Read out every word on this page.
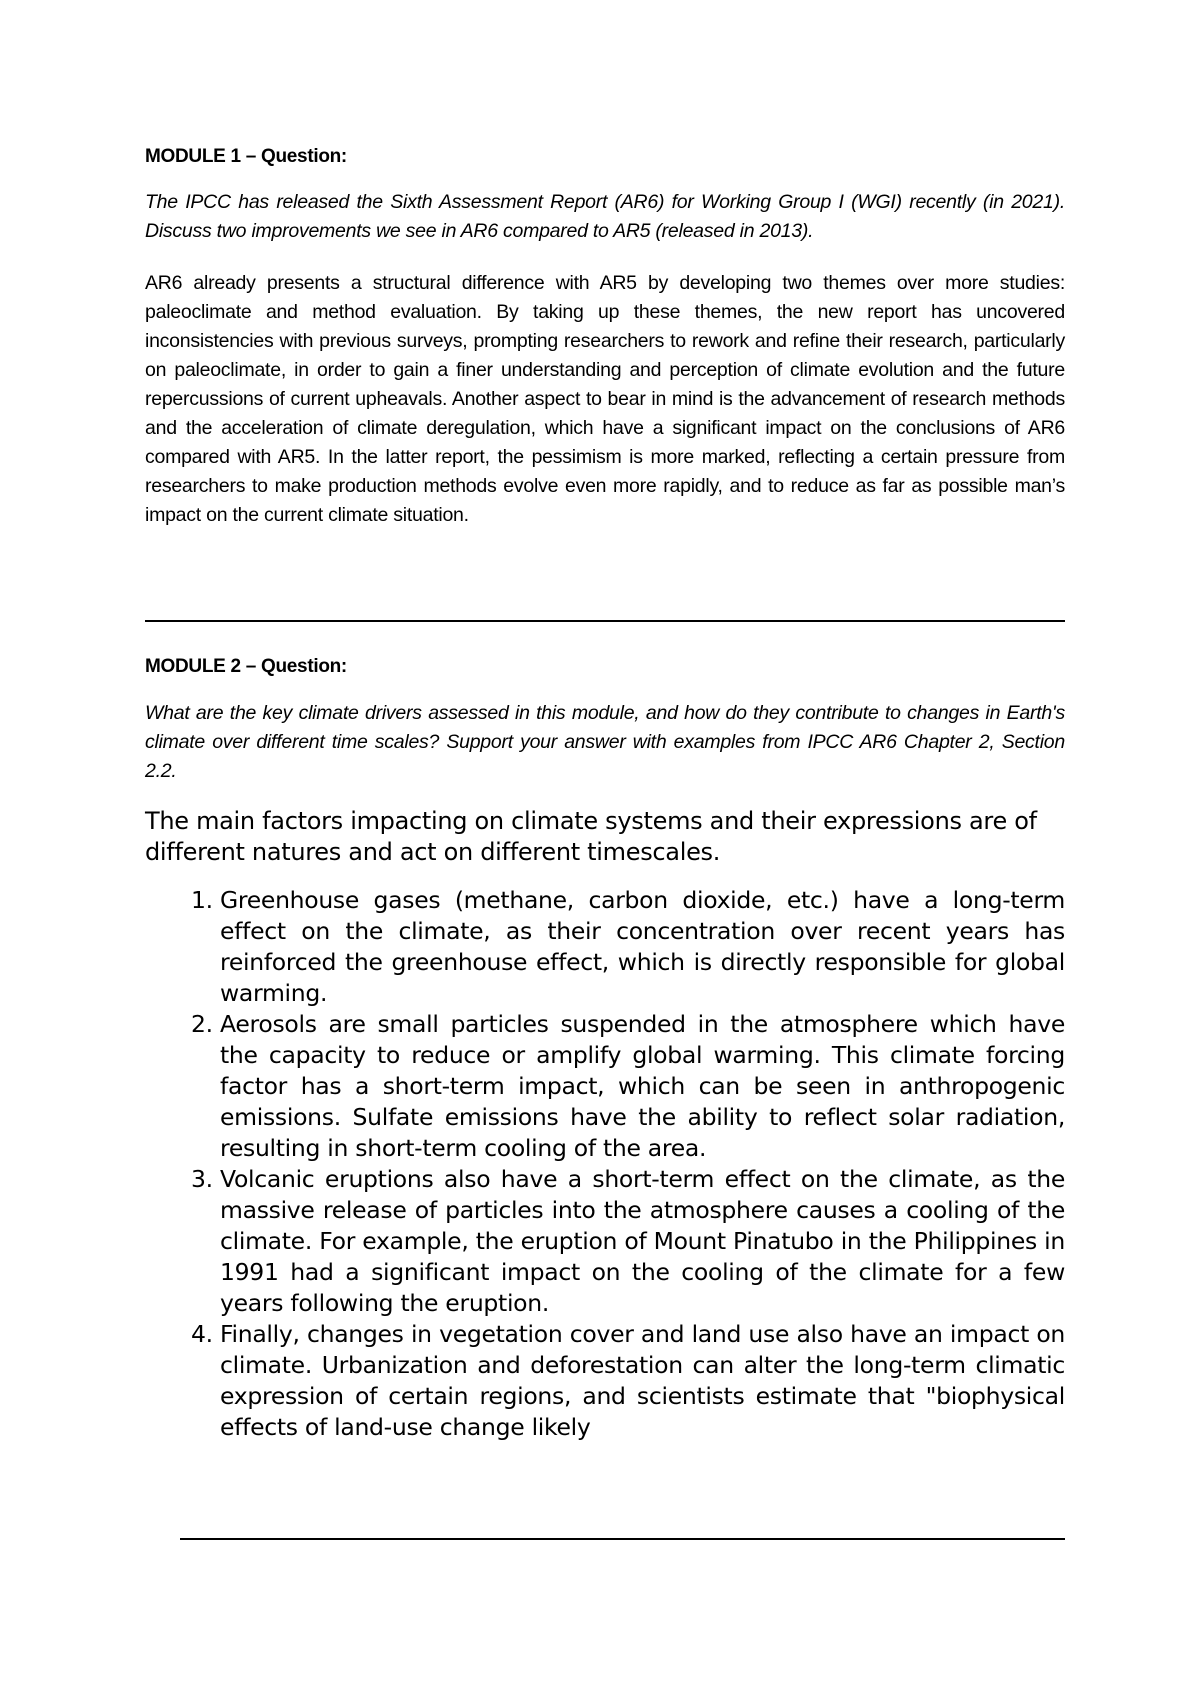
MODULE 1 – Question:

The IPCC has released the Sixth Assessment Report (AR6) for Working Group I (WGI) recently (in 2021). Discuss two improvements we see in AR6 compared to AR5 (released in 2013).

AR6 already presents a structural difference with AR5 by developing two themes over more studies: paleoclimate and method evaluation. By taking up these themes, the new report has uncovered inconsistencies with previous surveys, prompting researchers to rework and refine their research, particularly on paleoclimate, in order to gain a finer understanding and perception of climate evolution and the future repercussions of current upheavals. Another aspect to bear in mind is the advancement of research methods and the acceleration of climate deregulation, which have a significant impact on the conclusions of AR6 compared with AR5. In the latter report, the pessimism is more marked, reflecting a certain pressure from researchers to make production methods evolve even more rapidly, and to reduce as far as possible man’s impact on the current climate situation.

MODULE 2 – Question:

What are the key climate drivers assessed in this module, and how do they contribute to changes in Earth's climate over different time scales? Support your answer with examples from IPCC AR6 Chapter 2, Section 2.2.

The main factors impacting on climate systems and their expressions are of different natures and act on different timescales.

1. Greenhouse gases (methane, carbon dioxide, etc.) have a long-term effect on the climate, as their concentration over recent years has reinforced the greenhouse effect, which is directly responsible for global warming.
2. Aerosols are small particles suspended in the atmosphere which have the capacity to reduce or amplify global warming. This climate forcing factor has a short-term impact, which can be seen in anthropogenic emissions. Sulfate emissions have the ability to reflect solar radiation, resulting in short-term cooling of the area.
3. Volcanic eruptions also have a short-term effect on the climate, as the massive release of particles into the atmosphere causes a cooling of the climate. For example, the eruption of Mount Pinatubo in the Philippines in 1991 had a significant impact on the cooling of the climate for a few years following the eruption.
4. Finally, changes in vegetation cover and land use also have an impact on climate. Urbanization and deforestation can alter the long-term climatic expression of certain regions, and scientists estimate that "biophysical effects of land-use change likely
